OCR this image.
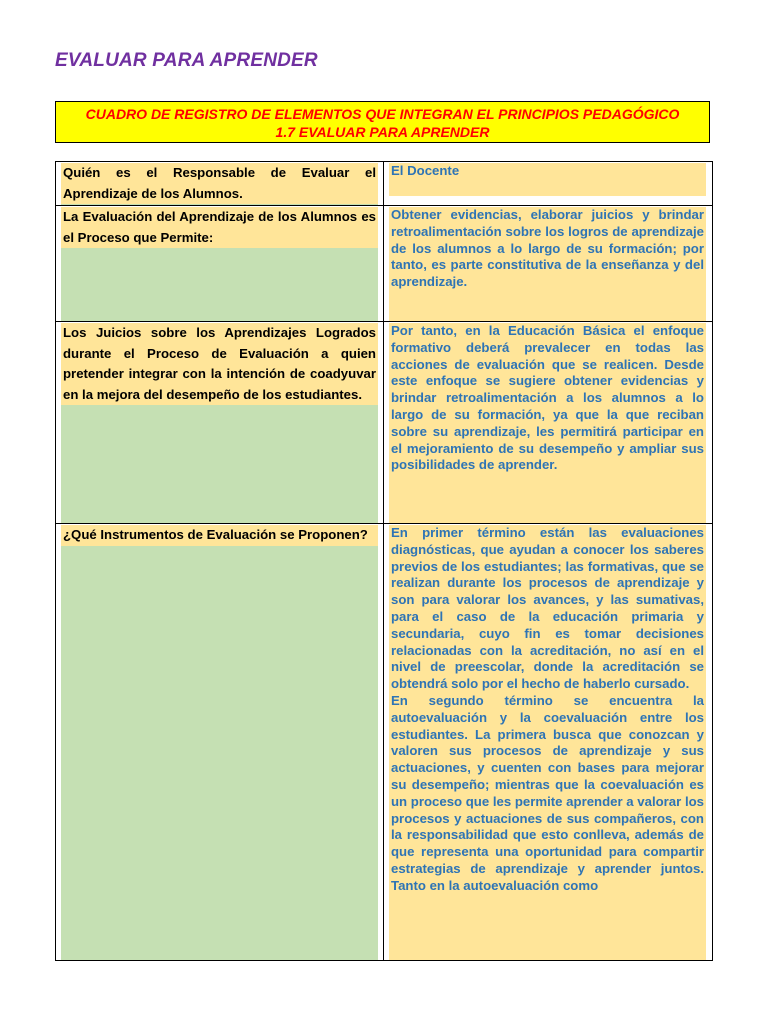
EVALUAR PARA APRENDER
CUADRO DE REGISTRO DE ELEMENTOS QUE INTEGRAN EL PRINCIPIOS PEDAGÓGICO
1.7 EVALUAR PARA APRENDER
Quién es el Responsable de Evaluar el Aprendizaje de los Alumnos.

El Docente

La Evaluación del Aprendizaje de los Alumnos es el Proceso que Permite:

Obtener evidencias, elaborar juicios y brindar retroalimentación sobre los logros de aprendizaje de los alumnos a lo largo de su formación; por tanto, es parte constitutiva de la enseñanza y del aprendizaje.

Los Juicios sobre los Aprendizajes Logrados durante el Proceso de Evaluación a quien pretender integrar con la intención de coadyuvar en la mejora del desempeño de los estudiantes.

Por tanto, en la Educación Básica el enfoque formativo deberá prevalecer en todas las acciones de evaluación que se realicen. Desde este enfoque se sugiere obtener evidencias y brindar retroalimentación a los alumnos a lo largo de su formación, ya que la que reciban sobre su aprendizaje, les permitirá participar en el mejoramiento de su desempeño y ampliar sus posibilidades de aprender.

¿Qué Instrumentos de Evaluación se Proponen?	En primer término están las evaluaciones diagnósticas, que ayudan a conocer los saberes previos de los estudiantes; las formativas, que se realizan durante los procesos de aprendizaje y son para valorar los avances, y las sumativas, para el caso de la educación primaria y secundaria, cuyo fin es tomar decisiones relacionadas con la acreditación, no así en el nivel de preescolar, donde la acreditación se obtendrá solo por el hecho de haberlo cursado.

En segundo término se encuentra la autoevaluación y la coevaluación entre los estudiantes. La primera busca que conozcan y valoren sus procesos de aprendizaje y sus actuaciones, y cuenten con bases para mejorar su desempeño; mientras que la coevaluación es un proceso que les permite aprender a valorar los procesos y actuaciones de sus compañeros, con la responsabilidad que esto conlleva, además de que representa una oportunidad para compartir estrategias de aprendizaje y aprender juntos. Tanto en la autoevaluación como
